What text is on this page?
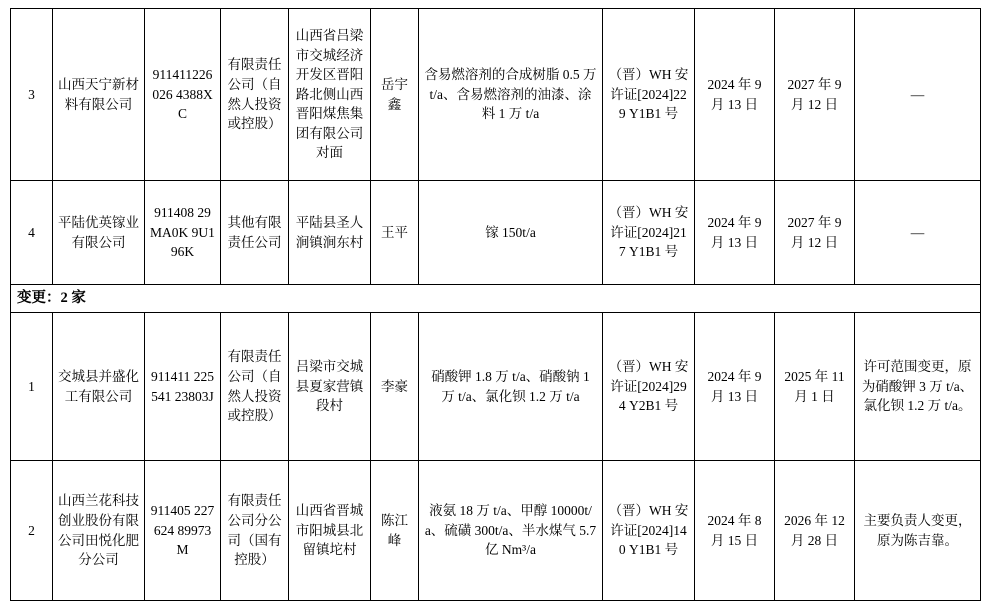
3	山西天宁新材料有限公司	911411226026 4388XC	有限责任公司（自然人投资或控股）	山西省吕梁市交城经济开发区晋阳路北侧山西晋阳煤焦集团有限公司对面	岳宇鑫	含易燃溶剂的合成树脂 0.5 万 t/a、含易燃溶剂的油漆、涂料 1 万 t/a	（晋）WH 安许证[2024]229 Y1B1 号	2024 年 9 月 13 日	2027 年 9 月 12 日	—
4	平陆优英镓业有限公司	911408 29MA0K 9U196K	其他有限责任公司	平陆县圣人涧镇涧东村	王平	镓 150t/a	（晋）WH 安许证[2024]217 Y1B1 号	2024 年 9 月 13 日	2027 年 9 月 12 日	—
变更：2 家										
1	交城县并盛化工有限公司	911411 225541 23803J	有限责任公司（自然人投资或控股）	吕梁市交城县夏家营镇段村	李豪	硝酸钾 1.8 万 t/a、硝酸钠 1 万 t/a、氯化钡 1.2 万 t/a	（晋）WH 安许证[2024]294 Y2B1 号	2024 年 9 月 13 日	2025 年 11 月 1 日	许可范围变更，原为硝酸钾 3 万 t/a、氯化钡 1.2 万 t/a。
2	山西兰花科技创业股份有限公司田悦化肥分公司	911405 227624 89973M	有限责任公司分公司（国有控股）	山西省晋城市阳城县北留镇坨村	陈江峰	液氨 18 万 t/a、甲醇 10000t/a、硫磺 300t/a、半水煤气 5.7 亿 Nm³/a	（晋）WH 安许证[2024]140 Y1B1 号	2024 年 8 月 15 日	2026 年 12 月 28 日	主要负责人变更，原为陈吉靠。
